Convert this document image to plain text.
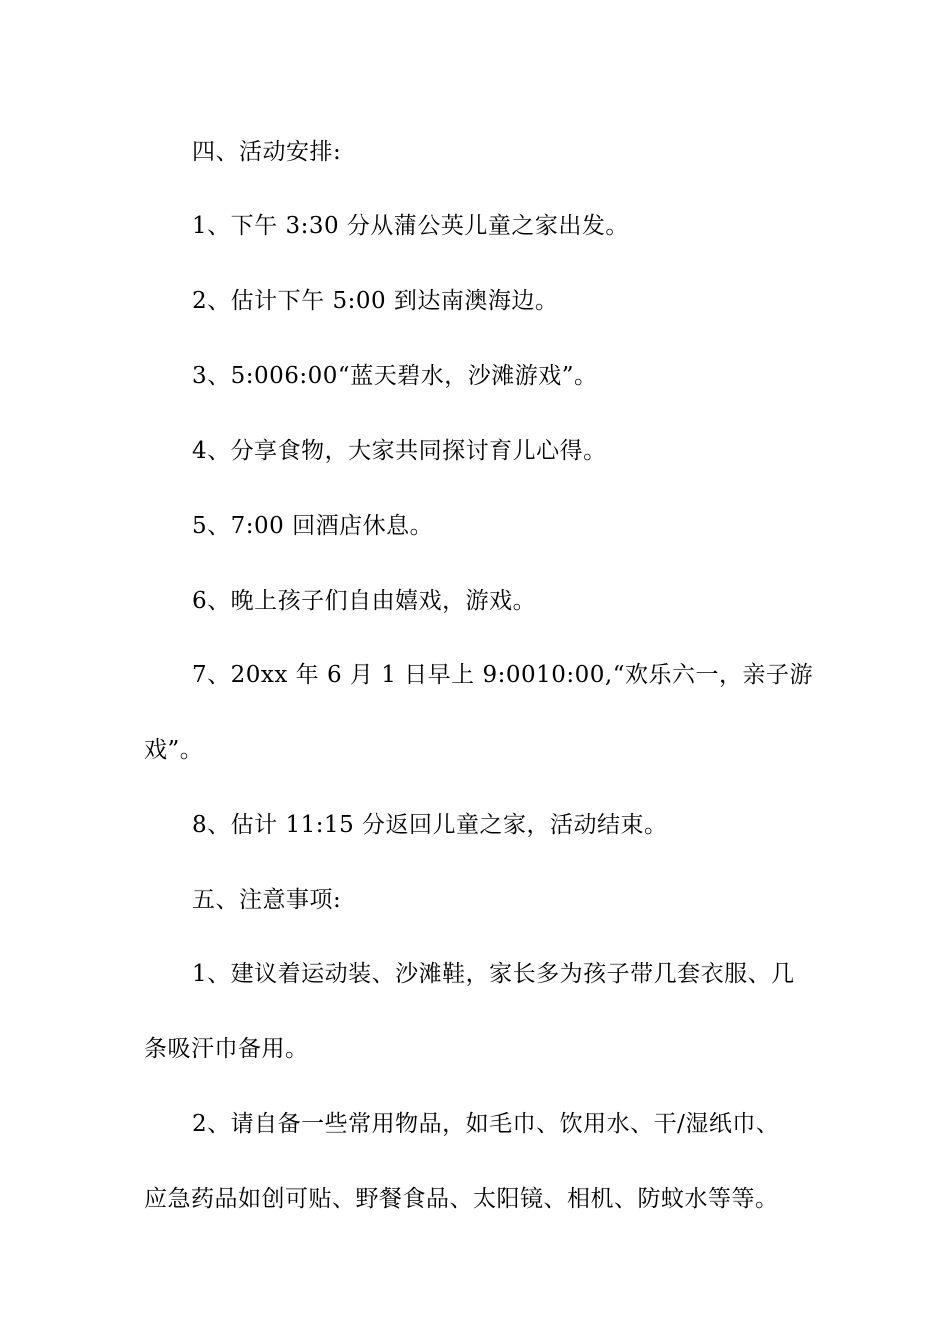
四、活动安排:
1、下午 3:30 分从蒲公英儿童之家出发。
2、估计下午 5:00 到达南澳海边。
3、5:006:00“蓝天碧水，沙滩游戏”。
4、分享食物，大家共同探讨育儿心得。
5、7:00 回酒店休息。
6、晚上孩子们自由嬉戏，游戏。
7、20xx 年 6 月 1 日早上 9:0010:00,“欢乐六一，亲子游
戏”。
8、估计 11:15 分返回儿童之家，活动结束。
五、注意事项:
1、建议着运动装、沙滩鞋，家长多为孩子带几套衣服、几
条吸汗巾备用。
2、请自备一些常用物品，如毛巾、饮用水、干/湿纸巾、
应急药品如创可贴、野餐食品、太阳镜、相机、防蚊水等等。
